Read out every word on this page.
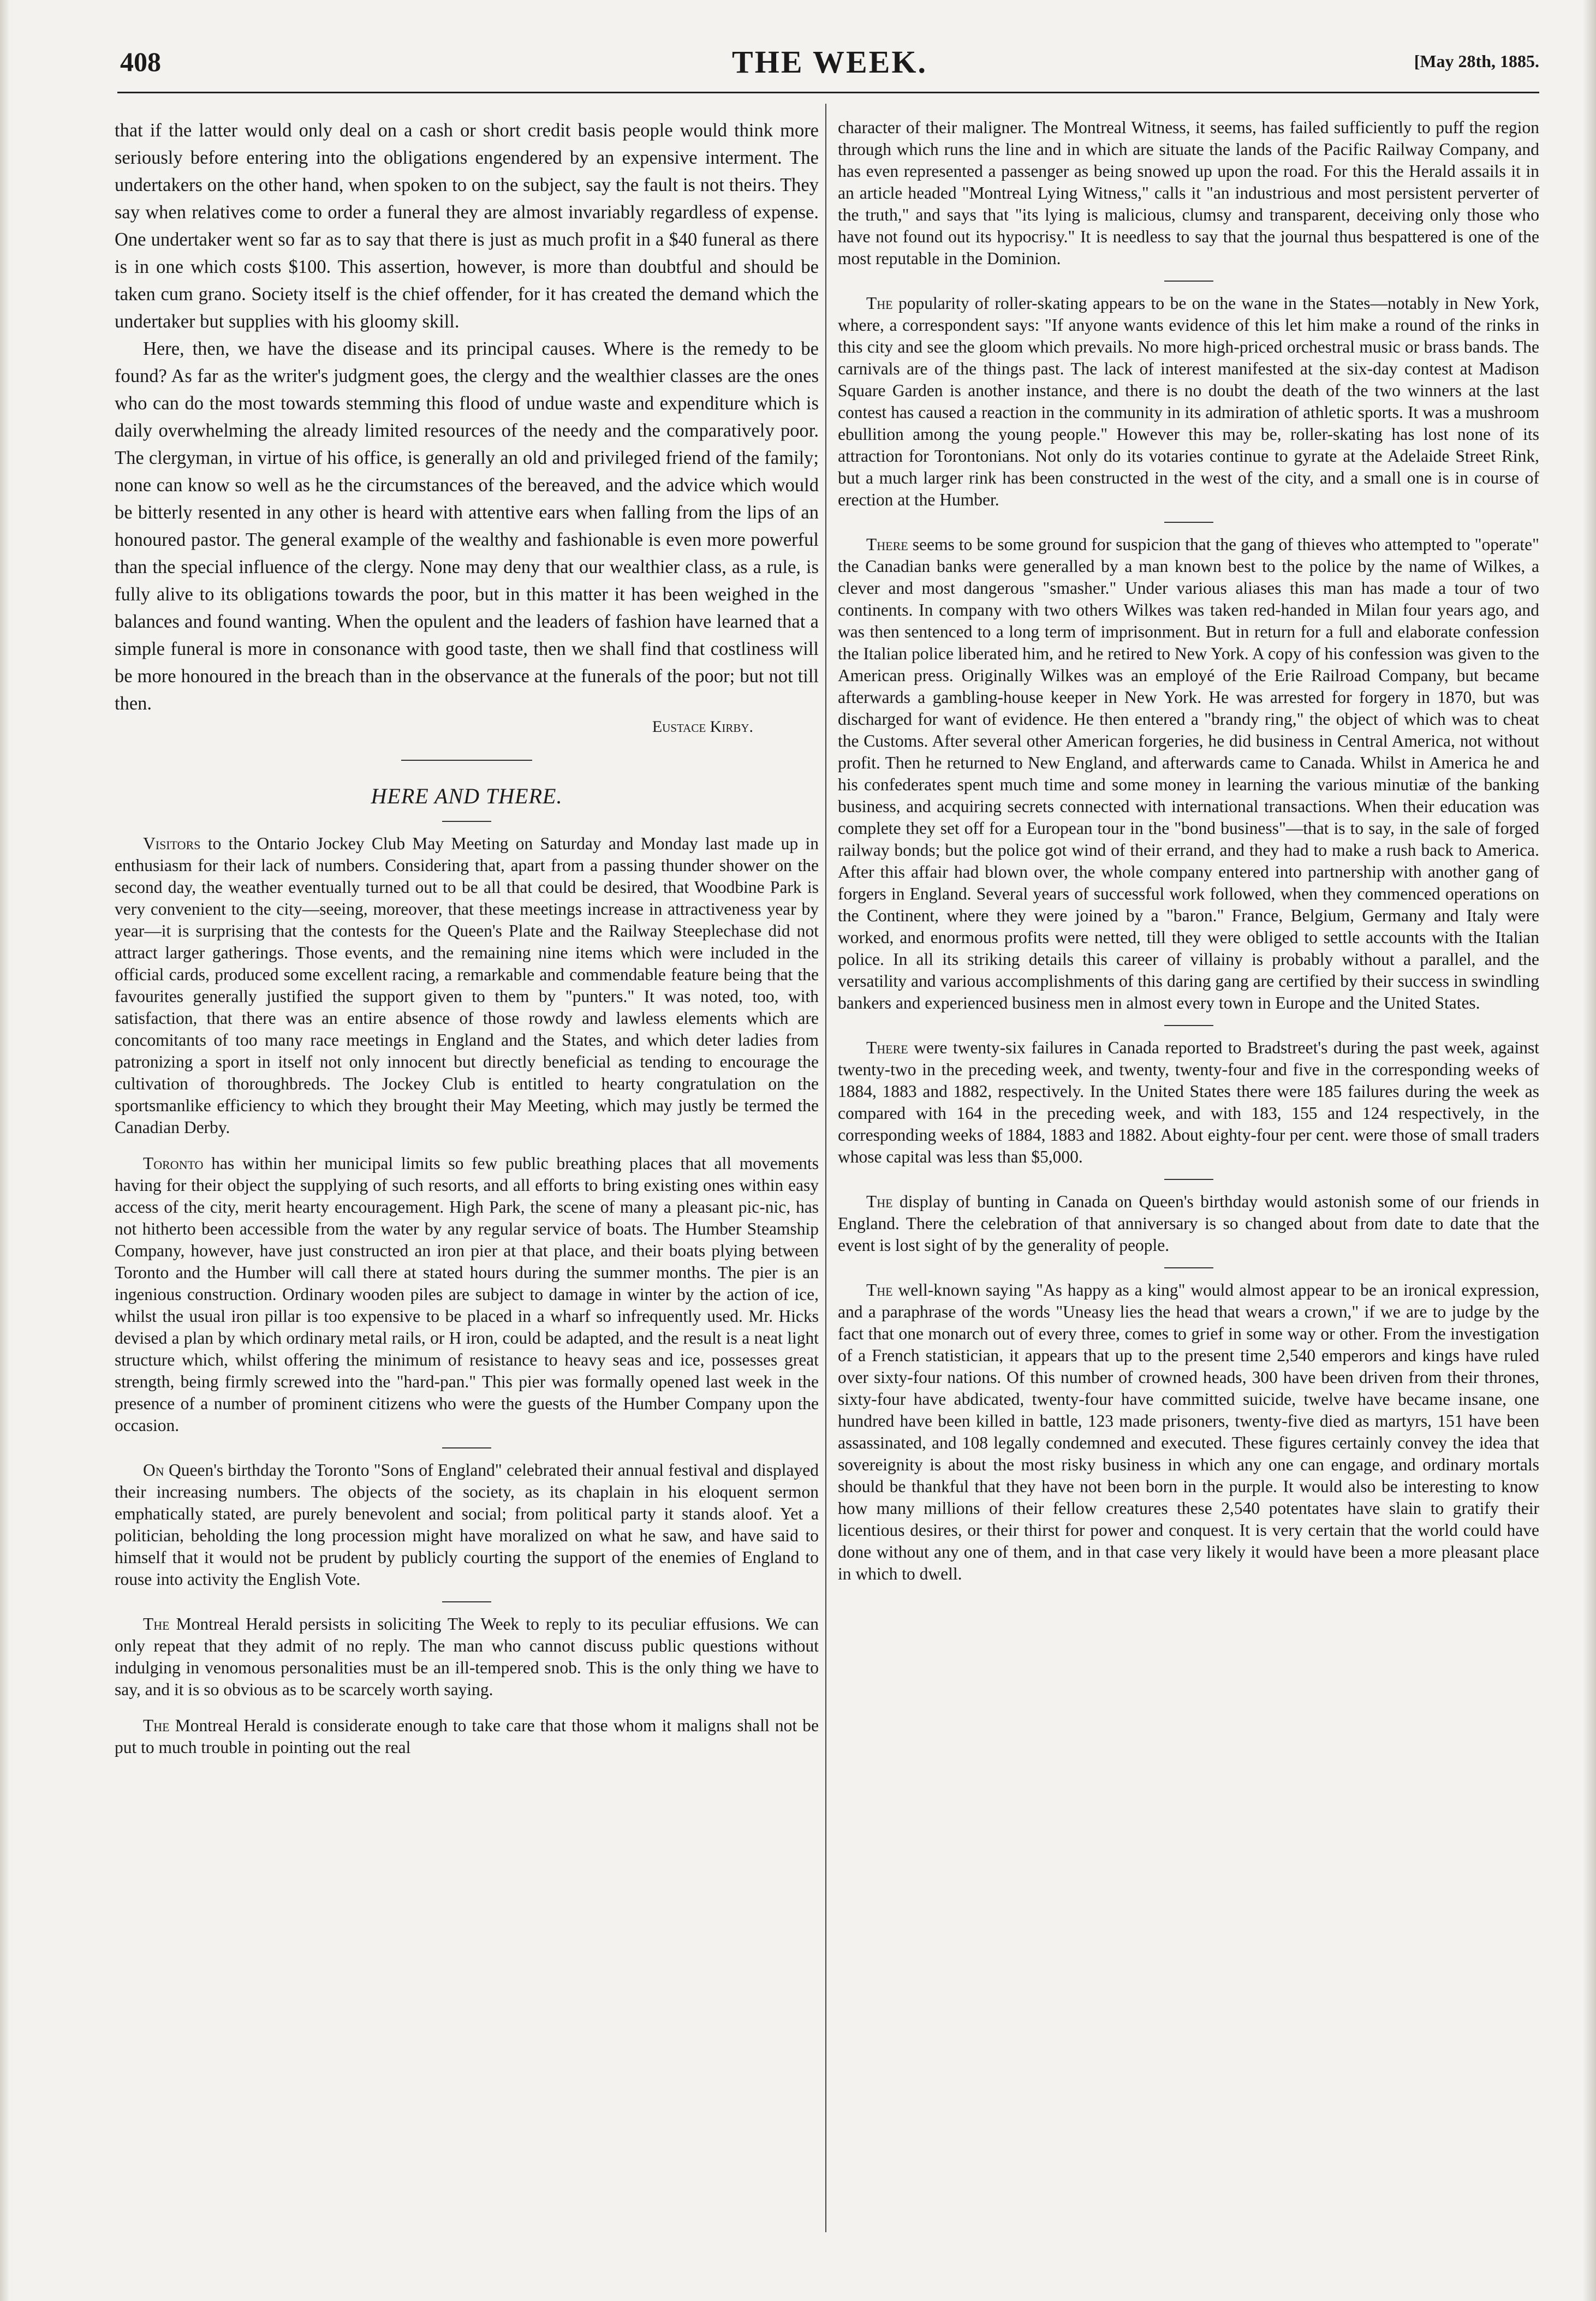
408	THE WEEK.	[May 28th, 1885.

that if the latter would only deal on a cash or short credit basis people would think more seriously before entering into the obligations engendered by an expensive interment. The undertakers on the other hand, when spoken to on the subject, say the fault is not theirs. They say when relatives come to order a funeral they are almost invariably regardless of expense. One undertaker went so far as to say that there is just as much profit in a $40 funeral as there is in one which costs $100. This assertion, however, is more than doubtful and should be taken cum grano. Society itself is the chief offender, for it has created the demand which the undertaker but supplies with his gloomy skill.

Here, then, we have the disease and its principal causes. Where is the remedy to be found? As far as the writer's judgment goes, the clergy and the wealthier classes are the ones who can do the most towards stemming this flood of undue waste and expenditure which is daily overwhelming the already limited resources of the needy and the comparatively poor. The clergyman, in virtue of his office, is generally an old and privileged friend of the family; none can know so well as he the circumstances of the bereaved, and the advice which would be bitterly resented in any other is heard with attentive ears when falling from the lips of an honoured pastor. The general example of the wealthy and fashionable is even more powerful than the special influence of the clergy. None may deny that our wealthier class, as a rule, is fully alive to its obligations towards the poor, but in this matter it has been weighed in the balances and found wanting. When the opulent and the leaders of fashion have learned that a simple funeral is more in consonance with good taste, then we shall find that costliness will be more honoured in the breach than in the observance at the funerals of the poor; but not till then.

Eustace Kirby.

HERE AND THERE.

Visitors to the Ontario Jockey Club May Meeting on Saturday and Monday last made up in enthusiasm for their lack of numbers. Considering that, apart from a passing thunder shower on the second day, the weather eventually turned out to be all that could be desired, that Woodbine Park is very convenient to the city—seeing, moreover, that these meetings increase in attractiveness year by year—it is surprising that the contests for the Queen's Plate and the Railway Steeplechase did not attract larger gatherings. Those events, and the remaining nine items which were included in the official cards, produced some excellent racing, a remarkable and commendable feature being that the favourites generally justified the support given to them by "punters." It was noted, too, with satisfaction, that there was an entire absence of those rowdy and lawless elements which are concomitants of too many race meetings in England and the States, and which deter ladies from patronizing a sport in itself not only innocent but directly beneficial as tending to encourage the cultivation of thoroughbreds. The Jockey Club is entitled to hearty congratulation on the sportsmanlike efficiency to which they brought their May Meeting, which may justly be termed the Canadian Derby.

Toronto has within her municipal limits so few public breathing places that all movements having for their object the supplying of such resorts, and all efforts to bring existing ones within easy access of the city, merit hearty encouragement. High Park, the scene of many a pleasant pic-nic, has not hitherto been accessible from the water by any regular service of boats. The Humber Steamship Company, however, have just constructed an iron pier at that place, and their boats plying between Toronto and the Humber will call there at stated hours during the summer months. The pier is an ingenious construction. Ordinary wooden piles are subject to damage in winter by the action of ice, whilst the usual iron pillar is too expensive to be placed in a wharf so infrequently used. Mr. Hicks devised a plan by which ordinary metal rails, or H iron, could be adapted, and the result is a neat light structure which, whilst offering the minimum of resistance to heavy seas and ice, possesses great strength, being firmly screwed into the "hard-pan." This pier was formally opened last week in the presence of a number of prominent citizens who were the guests of the Humber Company upon the occasion.

On Queen's birthday the Toronto "Sons of England" celebrated their annual festival and displayed their increasing numbers. The objects of the society, as its chaplain in his eloquent sermon emphatically stated, are purely benevolent and social; from political party it stands aloof. Yet a politician, beholding the long procession might have moralized on what he saw, and have said to himself that it would not be prudent by publicly courting the support of the enemies of England to rouse into activity the English Vote.

The Montreal Herald persists in soliciting The Week to reply to its peculiar effusions. We can only repeat that they admit of no reply. The man who cannot discuss public questions without indulging in venomous personalities must be an ill-tempered snob. This is the only thing we have to say, and it is so obvious as to be scarcely worth saying.

The Montreal Herald is considerate enough to take care that those whom it maligns shall not be put to much trouble in pointing out the real

character of their maligner. The Montreal Witness, it seems, has failed sufficiently to puff the region through which runs the line and in which are situate the lands of the Pacific Railway Company, and has even represented a passenger as being snowed up upon the road. For this the Herald assails it in an article headed "Montreal Lying Witness," calls it "an industrious and most persistent perverter of the truth," and says that "its lying is malicious, clumsy and transparent, deceiving only those who have not found out its hypocrisy." It is needless to say that the journal thus bespattered is one of the most reputable in the Dominion.

The popularity of roller-skating appears to be on the wane in the States—notably in New York, where, a correspondent says: "If anyone wants evidence of this let him make a round of the rinks in this city and see the gloom which prevails. No more high-priced orchestral music or brass bands. The carnivals are of the things past. The lack of interest manifested at the six-day contest at Madison Square Garden is another instance, and there is no doubt the death of the two winners at the last contest has caused a reaction in the community in its admiration of athletic sports. It was a mushroom ebullition among the young people." However this may be, roller-skating has lost none of its attraction for Torontonians. Not only do its votaries continue to gyrate at the Adelaide Street Rink, but a much larger rink has been constructed in the west of the city, and a small one is in course of erection at the Humber.

There seems to be some ground for suspicion that the gang of thieves who attempted to "operate" the Canadian banks were generalled by a man known best to the police by the name of Wilkes, a clever and most dangerous "smasher." Under various aliases this man has made a tour of two continents. In company with two others Wilkes was taken red-handed in Milan four years ago, and was then sentenced to a long term of imprisonment. But in return for a full and elaborate confession the Italian police liberated him, and he retired to New York. A copy of his confession was given to the American press. Originally Wilkes was an employé of the Erie Railroad Company, but became afterwards a gambling-house keeper in New York. He was arrested for forgery in 1870, but was discharged for want of evidence. He then entered a "brandy ring," the object of which was to cheat the Customs. After several other American forgeries, he did business in Central America, not without profit. Then he returned to New England, and afterwards came to Canada. Whilst in America he and his confederates spent much time and some money in learning the various minutiæ of the banking business, and acquiring secrets connected with international transactions. When their education was complete they set off for a European tour in the "bond business"—that is to say, in the sale of forged railway bonds; but the police got wind of their errand, and they had to make a rush back to America. After this affair had blown over, the whole company entered into partnership with another gang of forgers in England. Several years of successful work followed, when they commenced operations on the Continent, where they were joined by a "baron." France, Belgium, Germany and Italy were worked, and enormous profits were netted, till they were obliged to settle accounts with the Italian police. In all its striking details this career of villainy is probably without a parallel, and the versatility and various accomplishments of this daring gang are certified by their success in swindling bankers and experienced business men in almost every town in Europe and the United States.

There were twenty-six failures in Canada reported to Bradstreet's during the past week, against twenty-two in the preceding week, and twenty, twenty-four and five in the corresponding weeks of 1884, 1883 and 1882, respectively. In the United States there were 185 failures during the week as compared with 164 in the preceding week, and with 183, 155 and 124 respectively, in the corresponding weeks of 1884, 1883 and 1882. About eighty-four per cent. were those of small traders whose capital was less than $5,000.

The display of bunting in Canada on Queen's birthday would astonish some of our friends in England. There the celebration of that anniversary is so changed about from date to date that the event is lost sight of by the generality of people.

The well-known saying "As happy as a king" would almost appear to be an ironical expression, and a paraphrase of the words "Uneasy lies the head that wears a crown," if we are to judge by the fact that one monarch out of every three, comes to grief in some way or other. From the investigation of a French statistician, it appears that up to the present time 2,540 emperors and kings have ruled over sixty-four nations. Of this number of crowned heads, 300 have been driven from their thrones, sixty-four have abdicated, twenty-four have committed suicide, twelve have became insane, one hundred have been killed in battle, 123 made prisoners, twenty-five died as martyrs, 151 have been assassinated, and 108 legally condemned and executed. These figures certainly convey the idea that sovereignity is about the most risky business in which any one can engage, and ordinary mortals should be thankful that they have not been born in the purple. It would also be interesting to know how many millions of their fellow creatures these 2,540 potentates have slain to gratify their licentious desires, or their thirst for power and conquest. It is very certain that the world could have done without any one of them, and in that case very likely it would have been a more pleasant place in which to dwell.
